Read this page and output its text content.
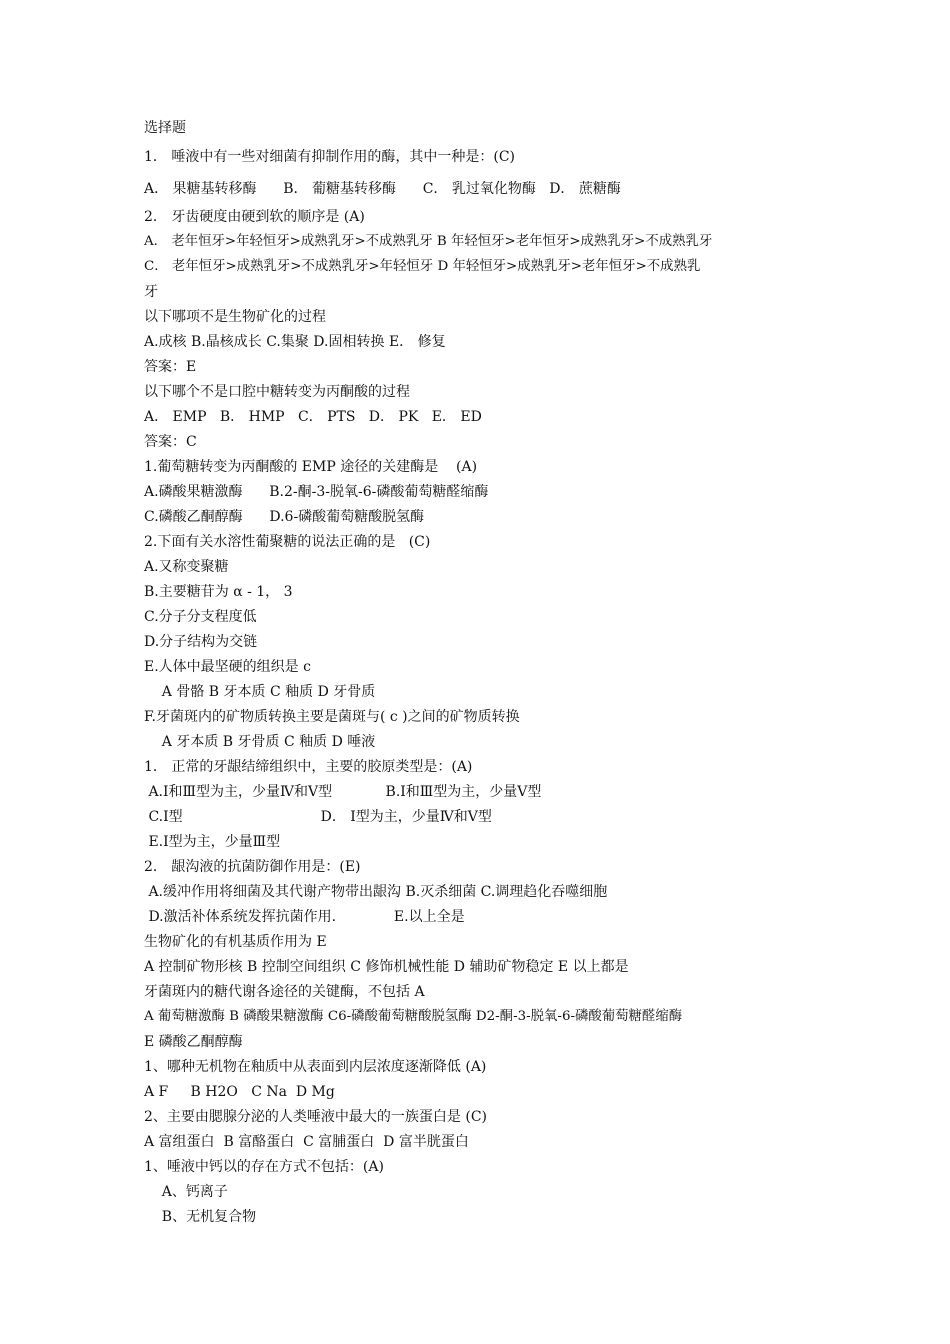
选择题
1． 唾液中有一些对细菌有抑制作用的酶，其中一种是：(C)
A． 果糖基转移酶      B． 葡糖基转移酶      C． 乳过氧化物酶   D． 蔗糖酶
2． 牙齿硬度由硬到软的顺序是 (A)
A． 老年恒牙>年轻恒牙>成熟乳牙>不成熟乳牙 B 年轻恒牙>老年恒牙>成熟乳牙>不成熟乳牙
C． 老年恒牙>成熟乳牙>不成熟乳牙>年轻恒牙 D 年轻恒牙>成熟乳牙>老年恒牙>不成熟乳
牙
以下哪项不是生物矿化的过程
A.成核 B.晶核成长 C.集聚 D.固相转换 E． 修复
答案：E
以下哪个不是口腔中糖转变为丙酮酸的过程
A． EMP   B． HMP   C． PTS   D． PK   E． ED
答案：C
1.葡萄糖转变为丙酮酸的 EMP 途径的关建酶是    (A)
A.磷酸果糖激酶      B.2-酮-3-脱氧-6-磷酸葡萄糖醛缩酶
C.磷酸乙酮醇酶      D.6-磷酸葡萄糖酸脱氢酶
2.下面有关水溶性葡聚糖的说法正确的是   (C)
A.又称变聚糖
B.主要糖苷为 α - 1， 3
C.分子分支程度低
D.分子结构为交链
E.人体中最坚硬的组织是 c
A 骨骼 B 牙本质 C 釉质 D 牙骨质
F.牙菌斑内的矿物质转换主要是菌斑与( c )之间的矿物质转换
A 牙本质 B 牙骨质 C 釉质 D 唾液
1． 正常的牙龈结缔组织中，主要的胶原类型是：(A)
A.Ⅰ和Ⅲ型为主，少量Ⅳ和Ⅴ型            B.Ⅰ和Ⅲ型为主，少量Ⅴ型
C.Ⅰ型                               D． Ⅰ型为主，少量Ⅳ和Ⅴ型
E.Ⅰ型为主，少量Ⅲ型
2． 龈沟液的抗菌防御作用是：(E)
A.缓冲作用将细菌及其代谢产物带出龈沟 B.灭杀细菌 C.调理趋化吞噬细胞
D.激活补体系统发挥抗菌作用.             E.以上全是
生物矿化的有机基质作用为 E
A 控制矿物形核 B 控制空间组织 C 修饰机械性能 D 辅助矿物稳定 E 以上都是
牙菌斑内的糖代谢各途径的关键酶，不包括 A
A 葡萄糖激酶 B 磷酸果糖激酶 C6-磷酸葡萄糖酸脱氢酶 D2-酮-3-脱氧-6-磷酸葡萄糖醛缩酶
E 磷酸乙酮醇酶
1、哪种无机物在釉质中从表面到内层浓度逐渐降低 (A)
A F     B H2O   C Na  D Mg
2、主要由腮腺分泌的人类唾液中最大的一族蛋白是 (C)
A 富组蛋白  B 富酪蛋白  C 富脯蛋白  D 富半胱蛋白
1、唾液中钙以的存在方式不包括：(A)
A、钙离子
B、无机复合物
